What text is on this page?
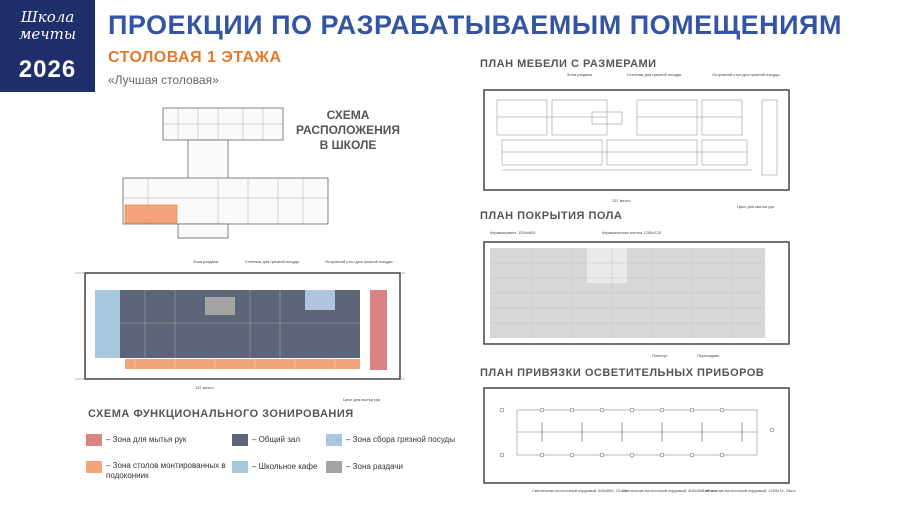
Школа
мечты
2026
ПРОЕКЦИИ ПО РАЗРАБАТЫВАЕМЫМ ПОМЕЩЕНИЯМ
СТОЛОВАЯ 1 ЭТАЖА
«Лучшая столовая»
СХЕМА
РАСПОЛОЖЕНИЯ
В ШКОЛЕ
Зона раздачи	Стеллаж для грязной посуды	Островной стол для грязной посуды
137 место
Цикл для мытья рук
СХЕМА ФУНКЦИОНАЛЬНОГО ЗОНИРОВАНИЯ
– Зона для мытья рук	– Общий зал	– Зона сбора грязной посуды
– Зона столов монтированных в подоконник
– Школьное кафе	– Зона раздачи
ПЛАН МЕБЕЛИ С РАЗМЕРАМИ
ПЛАН ПОКРЫТИЯ ПОЛА
ПЛАН ПРИВЯЗКИ ОСВЕТИТЕЛЬНЫХ ПРИБОРОВ
Зона раздачи	Стеллаж для грязной посуды	Островной стол для грязной посуды
137 место
Цикл для мытья рук
Керамогранит, 1200x600	Керамическая плитка 1200х120
Плинтус	Переходник
Светильник потолочный кордовый, 600х600, 13 шт.
Светильник потолочный кордовый, 400x400, 11 шт.
Светильник потолочный кордовый, 1200х74, 24шт.
